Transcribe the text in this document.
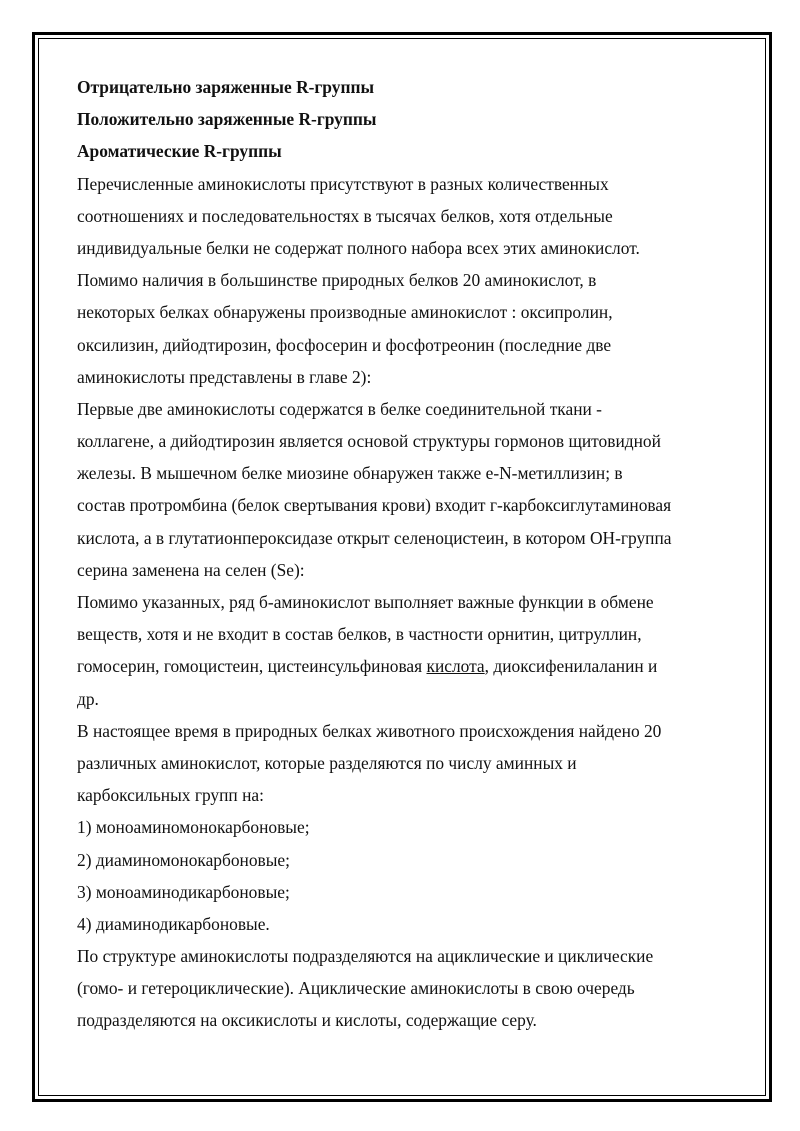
Отрицательно заряженные R-группы
Положительно заряженные R-группы
Ароматические R-группы
Перечисленные аминокислоты присутствуют в разных количественных
соотношениях и последовательностях в тысячах белков, хотя отдельные
индивидуальные белки не содержат полного набора всех этих аминокислот.
Помимо наличия в большинстве природных белков 20 аминокислот, в
некоторых белках обнаружены производные аминокислот : оксипролин,
оксилизин, дийодтирозин, фосфосерин и фосфотреонин (последние две
аминокислоты представлены в главе 2):
Первые две аминокислоты содержатся в белке соединительной ткани -
коллагене, а дийодтирозин является основой структуры гормонов щитовидной
железы. В мышечном белке миозине обнаружен также е-N-метиллизин; в
состав протромбина (белок свертывания крови) входит г-карбоксиглутаминовая
кислота, а в глутатионпероксидазе открыт селеноцистеин, в котором ОН-группа
серина заменена на селен (Se):
Помимо указанных, ряд б-аминокислот выполняет важные функции в обмене
веществ, хотя и не входит в состав белков, в частности орнитин, цитруллин,
гомосерин, гомоцистеин, цистеинсульфиновая кислота, диоксифенилаланин и
др.
В настоящее время в природных белках животного происхождения найдено 20
различных аминокислот, которые разделяются по числу аминных и
карбоксильных групп на:
1) моноаминомонокарбоновые;
2) диаминомонокарбоновые;
3) моноаминодикарбоновые;
4) диаминодикарбоновые.
По структуре аминокислоты подразделяются на ациклические и циклические
(гомо- и гетероциклические). Ациклические аминокислоты в свою очередь
подразделяются на оксикислоты и кислоты, содержащие серу.
